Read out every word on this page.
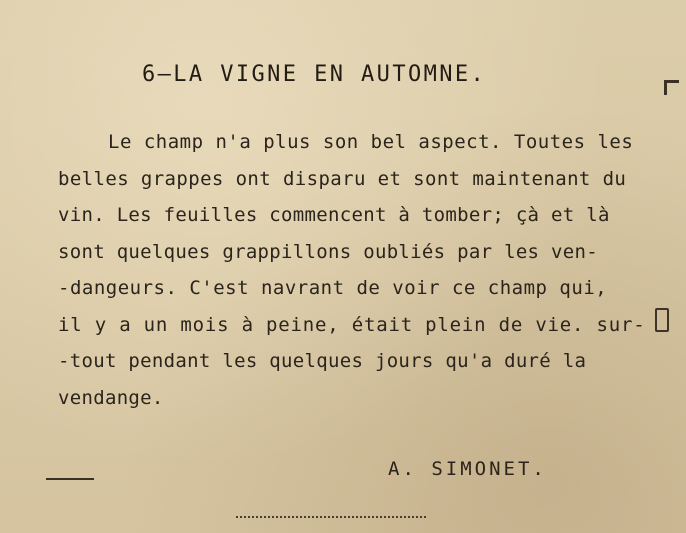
6—LA VIGNE EN AUTOMNE.
Le champ n'a plus son bel aspect. Toutes les
belles grappes ont disparu et sont maintenant du
vin. Les feuilles commencent à tomber; çà et là
sont quelques grappillons oubliés par les ven-
-dangeurs. C'est navrant de voir ce champ qui,
il y a un mois à peine, était plein de vie. sur-
-tout pendant les quelques jours qu'a duré la
vendange.
A. SIMONET.
